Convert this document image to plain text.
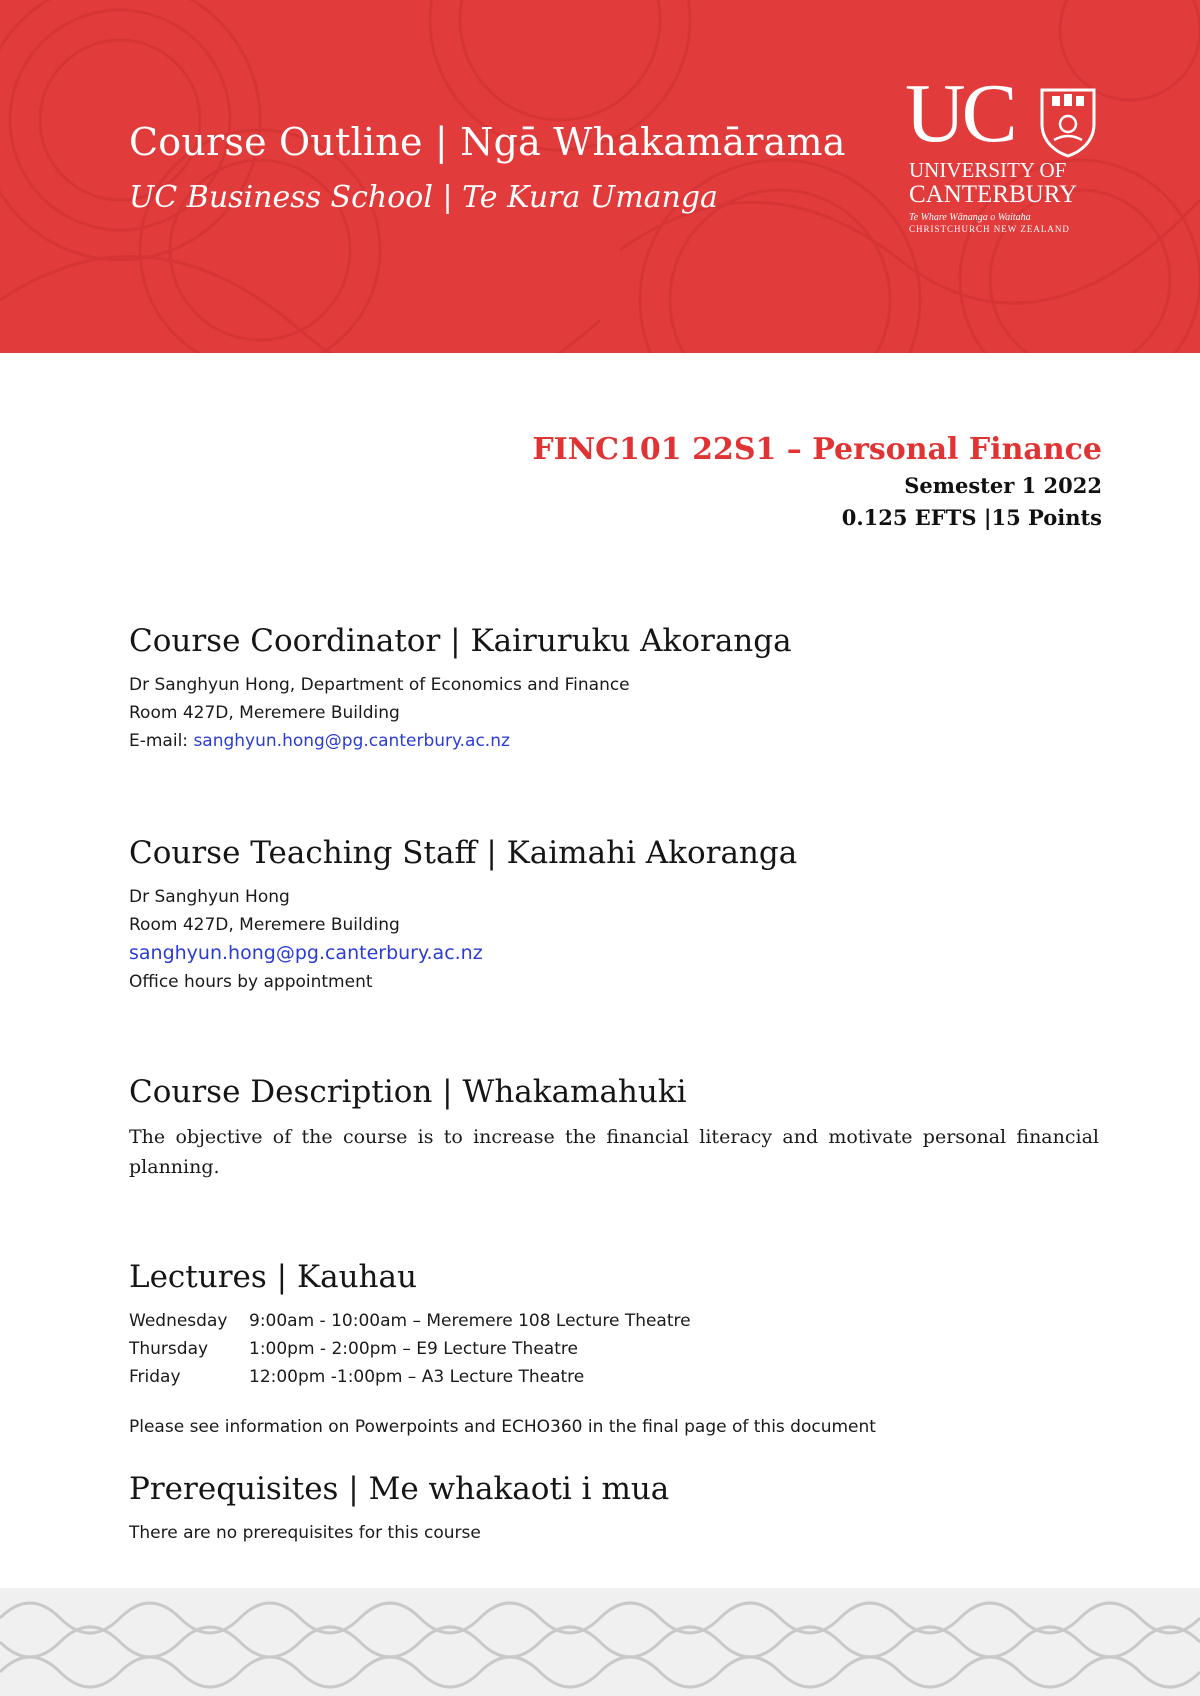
Course Outline | Ngā Whakamārama
UC Business School | Te Kura Umanga
UC
UNIVERSITY OF
CANTERBURY
Te Whare Wānanga o Waitaha
CHRISTCHURCH NEW ZEALAND
FINC101 22S1 – Personal Finance
Semester 1 2022
0.125 EFTS |15 Points
Course Coordinator | Kairuruku Akoranga
Dr Sanghyun Hong, Department of Economics and Finance
Room 427D, Meremere Building
E-mail: sanghyun.hong@pg.canterbury.ac.nz
Course Teaching Staff | Kaimahi Akoranga
Dr Sanghyun Hong
Room 427D, Meremere Building
sanghyun.hong@pg.canterbury.ac.nz
Office hours by appointment
Course Description | Whakamahuki
The objective of the course is to increase the financial literacy and motivate personal financial planning.
Lectures | Kauhau
Wednesday 9:00am - 10:00am – Meremere 108 Lecture Theatre
Thursday 1:00pm - 2:00pm – E9 Lecture Theatre
Friday	12:00pm -1:00pm – A3 Lecture Theatre
Please see information on Powerpoints and ECHO360 in the final page of this document
Prerequisites | Me whakaoti i mua
There are no prerequisites for this course
